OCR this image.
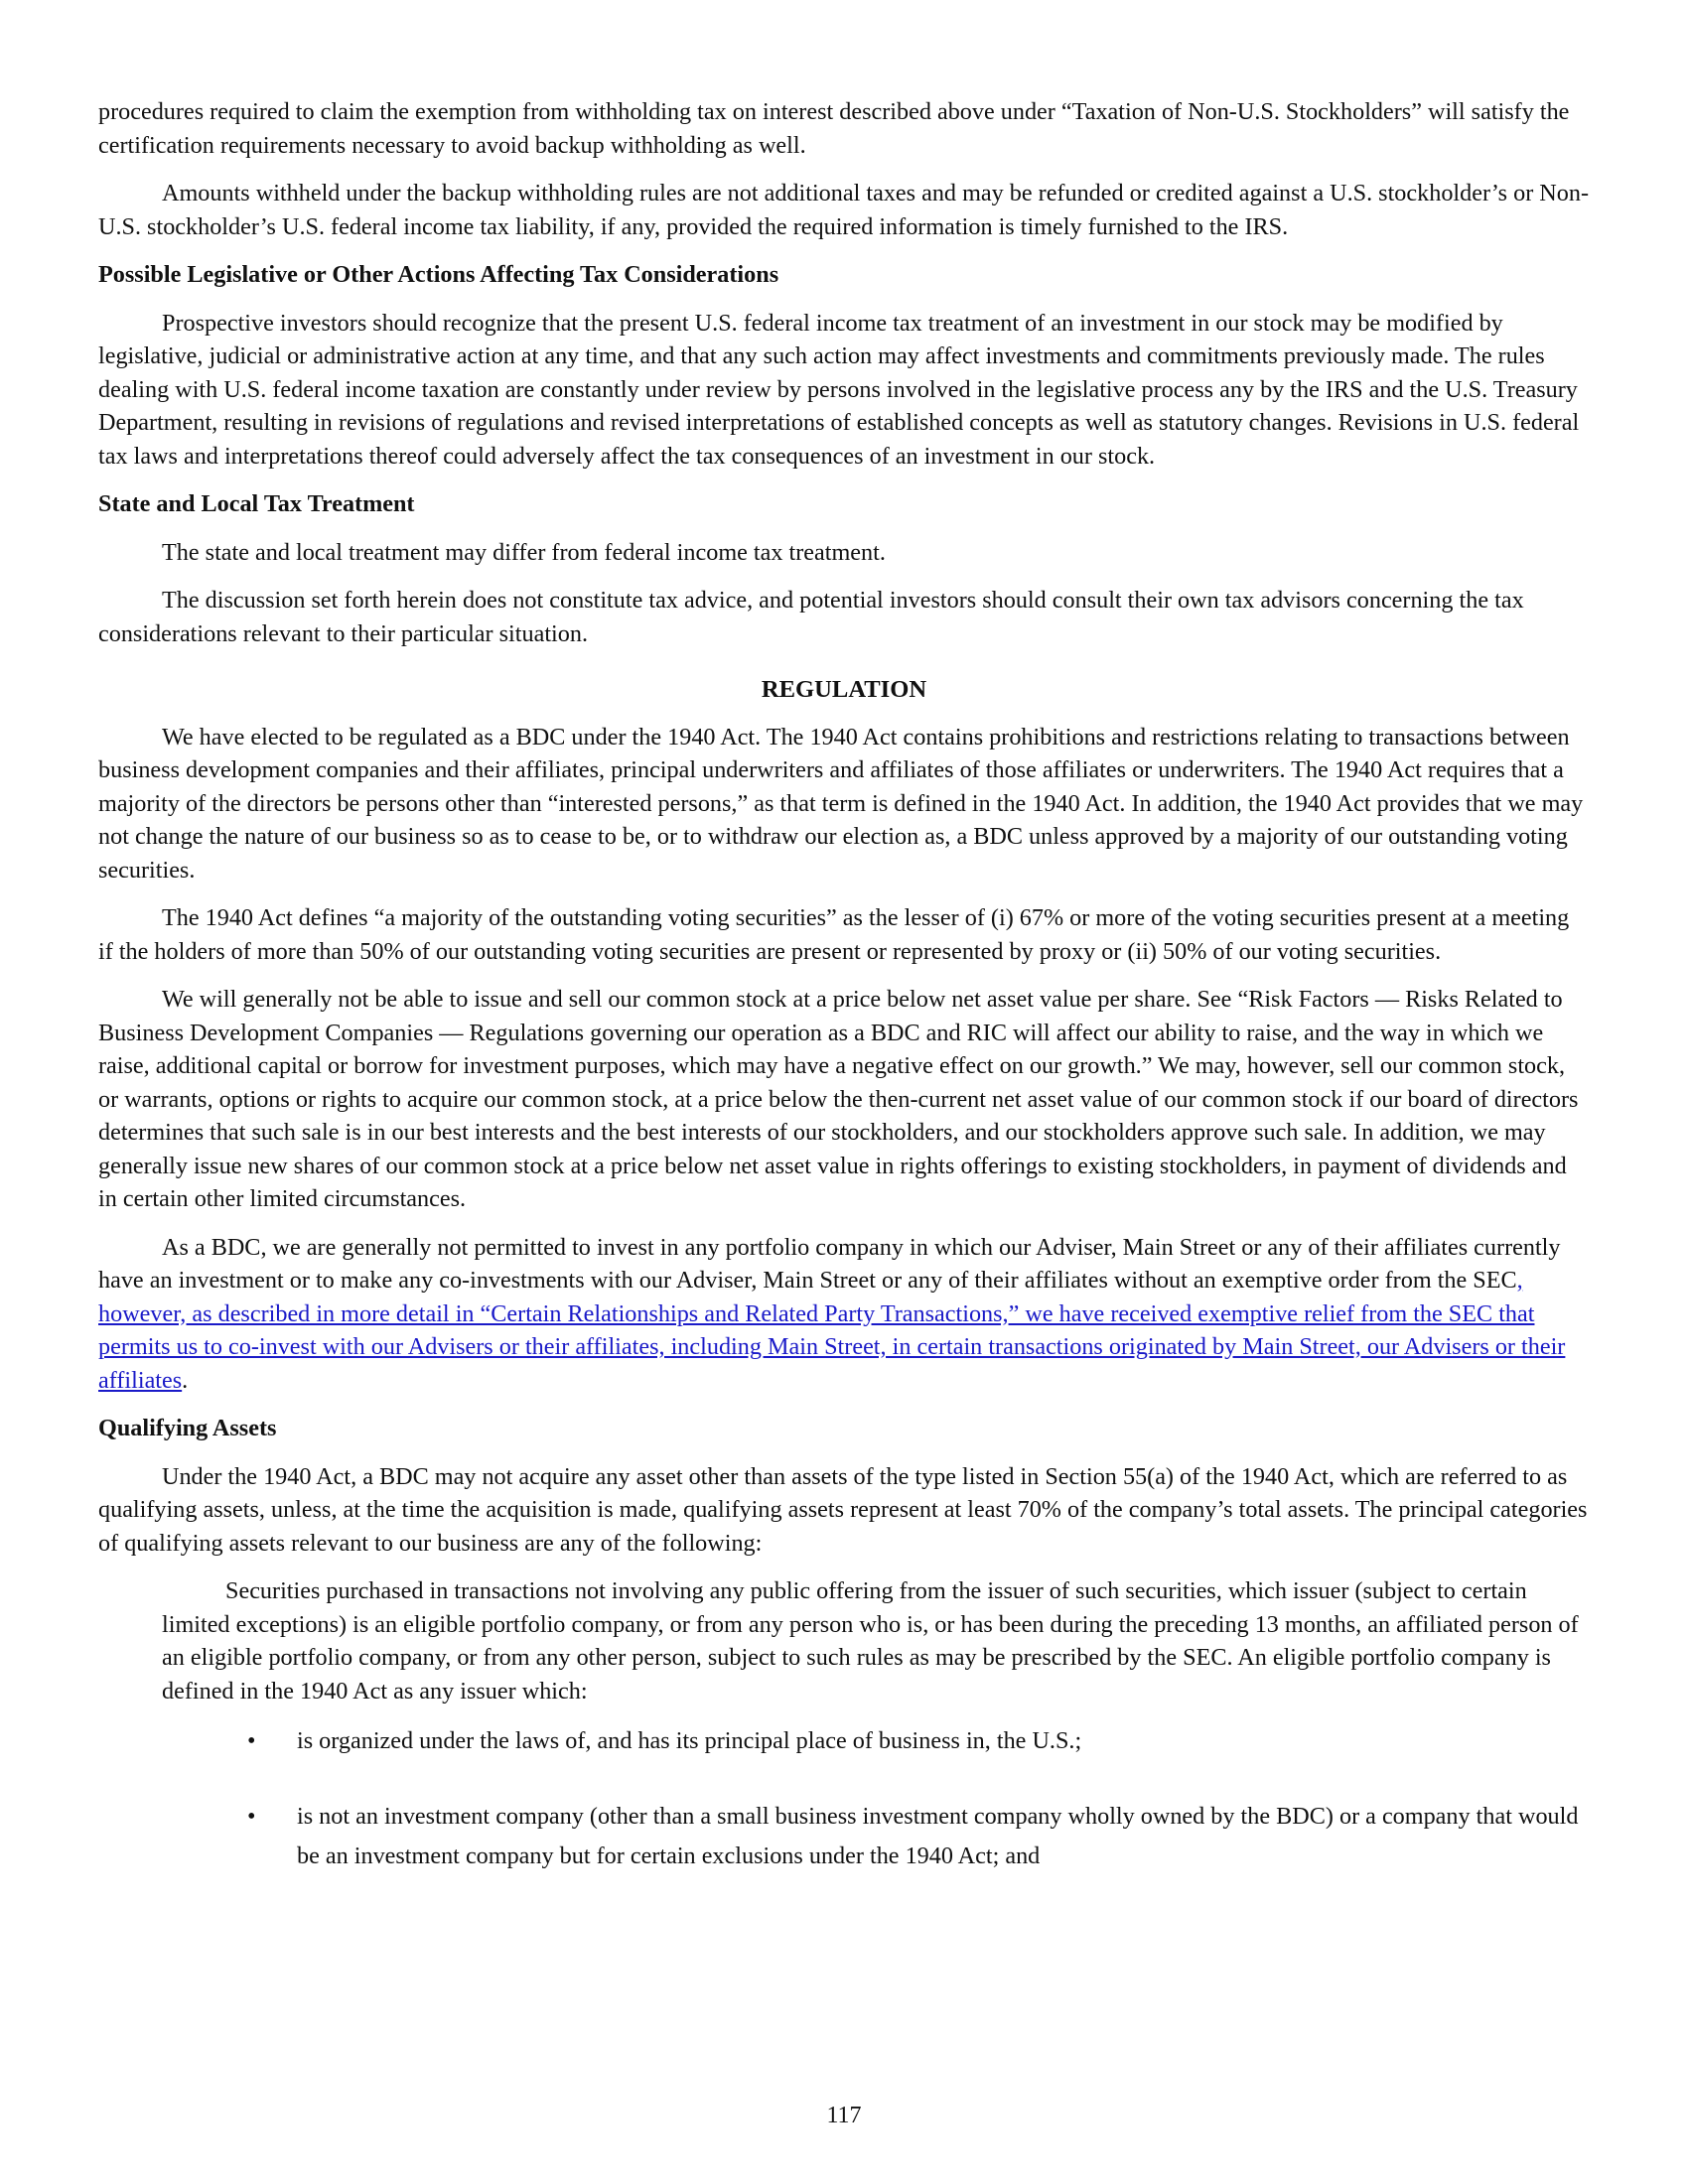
procedures required to claim the exemption from withholding tax on interest described above under “Taxation of Non-U.S. Stockholders” will satisfy the certification requirements necessary to avoid backup withholding as well.

Amounts withheld under the backup withholding rules are not additional taxes and may be refunded or credited against a U.S. stockholder’s or Non-U.S. stockholder’s U.S. federal income tax liability, if any, provided the required information is timely furnished to the IRS.

Possible Legislative or Other Actions Affecting Tax Considerations

Prospective investors should recognize that the present U.S. federal income tax treatment of an investment in our stock may be modified by legislative, judicial or administrative action at any time, and that any such action may affect investments and commitments previously made. The rules dealing with U.S. federal income taxation are constantly under review by persons involved in the legislative process any by the IRS and the U.S. Treasury Department, resulting in revisions of regulations and revised interpretations of established concepts as well as statutory changes. Revisions in U.S. federal tax laws and interpretations thereof could adversely affect the tax consequences of an investment in our stock.

State and Local Tax Treatment

The state and local treatment may differ from federal income tax treatment.

The discussion set forth herein does not constitute tax advice, and potential investors should consult their own tax advisors concerning the tax considerations relevant to their particular situation.

REGULATION

We have elected to be regulated as a BDC under the 1940 Act. The 1940 Act contains prohibitions and restrictions relating to transactions between business development companies and their affiliates, principal underwriters and affiliates of those affiliates or underwriters. The 1940 Act requires that a majority of the directors be persons other than “interested persons,” as that term is defined in the 1940 Act. In addition, the 1940 Act provides that we may not change the nature of our business so as to cease to be, or to withdraw our election as, a BDC unless approved by a majority of our outstanding voting securities.

The 1940 Act defines “a majority of the outstanding voting securities” as the lesser of (i) 67% or more of the voting securities present at a meeting if the holders of more than 50% of our outstanding voting securities are present or represented by proxy or (ii) 50% of our voting securities.

We will generally not be able to issue and sell our common stock at a price below net asset value per share. See “Risk Factors — Risks Related to Business Development Companies — Regulations governing our operation as a BDC and RIC will affect our ability to raise, and the way in which we raise, additional capital or borrow for investment purposes, which may have a negative effect on our growth.” We may, however, sell our common stock, or warrants, options or rights to acquire our common stock, at a price below the then-current net asset value of our common stock if our board of directors determines that such sale is in our best interests and the best interests of our stockholders, and our stockholders approve such sale. In addition, we may generally issue new shares of our common stock at a price below net asset value in rights offerings to existing stockholders, in payment of dividends and in certain other limited circumstances.

As a BDC, we are generally not permitted to invest in any portfolio company in which our Adviser, Main Street or any of their affiliates currently have an investment or to make any co-investments with our Adviser, Main Street or any of their affiliates without an exemptive order from the SEC, however, as described in more detail in “Certain Relationships and Related Party Transactions,” we have received exemptive relief from the SEC that permits us to co-invest with our Advisers or their affiliates, including Main Street, in certain transactions originated by Main Street, our Advisers or their affiliates.

Qualifying Assets

Under the 1940 Act, a BDC may not acquire any asset other than assets of the type listed in Section 55(a) of the 1940 Act, which are referred to as qualifying assets, unless, at the time the acquisition is made, qualifying assets represent at least 70% of the company’s total assets. The principal categories of qualifying assets relevant to our business are any of the following:

Securities purchased in transactions not involving any public offering from the issuer of such securities, which issuer (subject to certain limited exceptions) is an eligible portfolio company, or from any person who is, or has been during the preceding 13 months, an affiliated person of an eligible portfolio company, or from any other person, subject to such rules as may be prescribed by the SEC. An eligible portfolio company is defined in the 1940 Act as any issuer which:

• is organized under the laws of, and has its principal place of business in, the U.S.;
• is not an investment company (other than a small business investment company wholly owned by the BDC) or a company that would be an investment company but for certain exclusions under the 1940 Act; and
117
